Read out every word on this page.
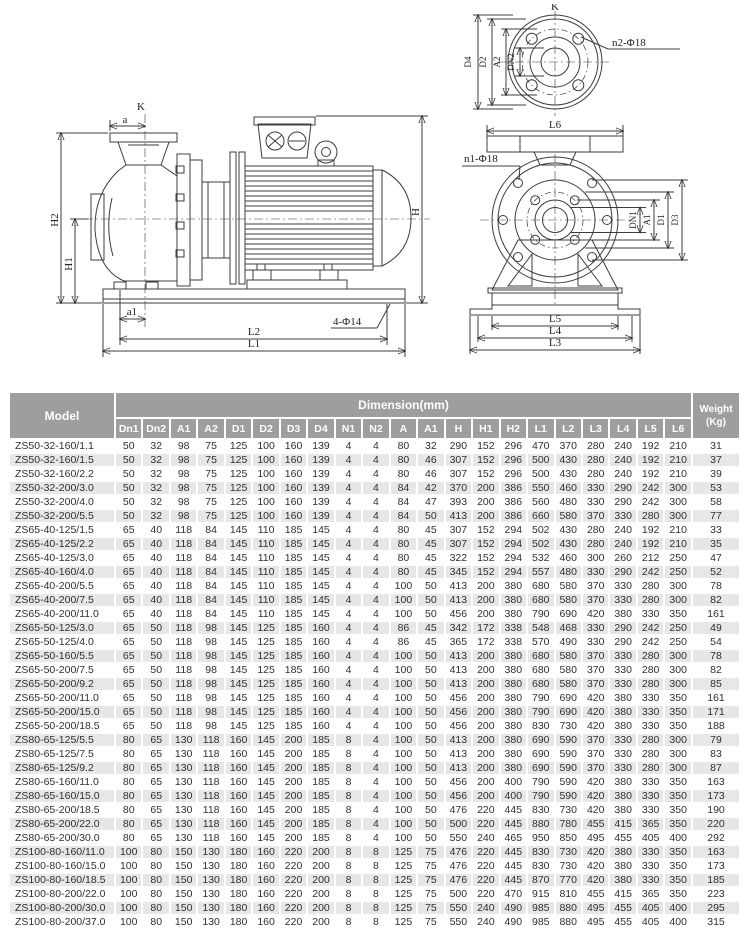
K
a
H2
H1
H
a1
L2
L1
4-Φ14
K
D4 D2 A2 DN2
n2-Φ18
L6
n1-Φ18
DN1 A1 D1 D3
L5
L4
L3
Model	Dimension(mm)																					Weight
(Kg)

	Dn1	Dn2	A1	A2	D1	D2	D3	D4	N1	N2	A	A1	H	H1	H2	L1	L2	L3	L4	L5	L6	
ZS50-32-160/1.1	50	32	98	75	125	100	160	139	4	4	80	32	290	152	296	470	370	280	240	192	210	31
ZS50-32-160/1.5	50	32	98	75	125	100	160	139	4	4	80	46	307	152	296	500	430	280	240	192	210	37
ZS50-32-160/2.2	50	32	98	75	125	100	160	139	4	4	80	46	307	152	296	500	430	280	240	192	210	39
ZS50-32-200/3.0	50	32	98	75	125	100	160	139	4	4	84	42	370	200	386	550	460	330	290	242	300	53
ZS50-32-200/4.0	50	32	98	75	125	100	160	139	4	4	84	47	393	200	386	560	480	330	290	242	300	58
ZS50-32-200/5.5	50	32	98	75	125	100	160	139	4	4	84	50	413	200	386	660	580	370	330	280	300	77
ZS65-40-125/1.5	65	40	118	84	145	110	185	145	4	4	80	45	307	152	294	502	430	280	240	192	210	33
ZS65-40-125/2.2	65	40	118	84	145	110	185	145	4	4	80	45	307	152	294	502	430	280	240	192	210	35
ZS65-40-125/3.0	65	40	118	84	145	110	185	145	4	4	80	45	322	152	294	532	460	300	260	212	250	47
ZS65-40-160/4.0	65	40	118	84	145	110	185	145	4	4	80	45	345	152	294	557	480	330	290	242	250	52
ZS65-40-200/5.5	65	40	118	84	145	110	185	145	4	4	100	50	413	200	380	680	580	370	330	280	300	78
ZS65-40-200/7.5	65	40	118	84	145	110	185	145	4	4	100	50	413	200	380	680	580	370	330	280	300	82
ZS65-40-200/11.0	65	40	118	84	145	110	185	145	4	4	100	50	456	200	380	790	690	420	380	330	350	161
ZS65-50-125/3.0	65	50	118	98	145	125	185	160	4	4	86	45	342	172	338	548	468	330	290	242	250	49
ZS65-50-125/4.0	65	50	118	98	145	125	185	160	4	4	86	45	365	172	338	570	490	330	290	242	250	54
ZS65-50-160/5.5	65	50	118	98	145	125	185	160	4	4	100	50	413	200	380	680	580	370	330	280	300	78
ZS65-50-200/7.5	65	50	118	98	145	125	185	160	4	4	100	50	413	200	380	680	580	370	330	280	300	82
ZS65-50-200/9.2	65	50	118	98	145	125	185	160	4	4	100	50	413	200	380	680	580	370	330	280	300	85
ZS65-50-200/11.0	65	50	118	98	145	125	185	160	4	4	100	50	456	200	380	790	690	420	380	330	350	161
ZS65-50-200/15.0	65	50	118	98	145	125	185	160	4	4	100	50	456	200	380	790	690	420	380	330	350	171
ZS65-50-200/18.5	65	50	118	98	145	125	185	160	4	4	100	50	456	200	380	830	730	420	380	330	350	188
ZS80-65-125/5.5	80	65	130	118	160	145	200	185	8	4	100	50	413	200	380	690	590	370	330	280	300	79
ZS80-65-125/7.5	80	65	130	118	160	145	200	185	8	4	100	50	413	200	380	690	590	370	330	280	300	83
ZS80-65-125/9.2	80	65	130	118	160	145	200	185	8	4	100	50	413	200	380	690	590	370	330	280	300	87
ZS80-65-160/11.0	80	65	130	118	160	145	200	185	8	4	100	50	456	200	400	790	590	420	380	330	350	163
ZS80-65-160/15.0	80	65	130	118	160	145	200	185	8	4	100	50	456	200	400	790	590	420	380	330	350	173
ZS80-65-200/18.5	80	65	130	118	160	145	200	185	8	4	100	50	476	220	445	830	730	420	380	330	350	190
ZS80-65-200/22.0	80	65	130	118	160	145	200	185	8	4	100	50	500	220	445	880	780	455	415	365	350	220
ZS80-65-200/30.0	80	65	130	118	160	145	200	185	8	4	100	50	550	240	465	950	850	495	455	405	400	292
ZS100-80-160/11.0	100	80	150	130	180	160	220	200	8	8	125	75	476	220	445	830	730	420	380	330	350	163
ZS100-80-160/15.0	100	80	150	130	180	160	220	200	8	8	125	75	476	220	445	830	730	420	380	330	350	173
ZS100-80-160/18.5	100	80	150	130	180	160	220	200	8	8	125	75	476	220	445	870	770	420	380	330	350	185
ZS100-80-200/22.0	100	80	150	130	180	160	220	200	8	8	125	75	500	220	470	915	810	455	415	365	350	223
ZS100-80-200/30.0	100	80	150	130	180	160	220	200	8	8	125	75	550	240	490	985	880	495	455	405	400	295
ZS100-80-200/37.0	100	80	150	130	180	160	220	200	8	8	125	75	550	240	490	985	880	495	455	405	400	315
